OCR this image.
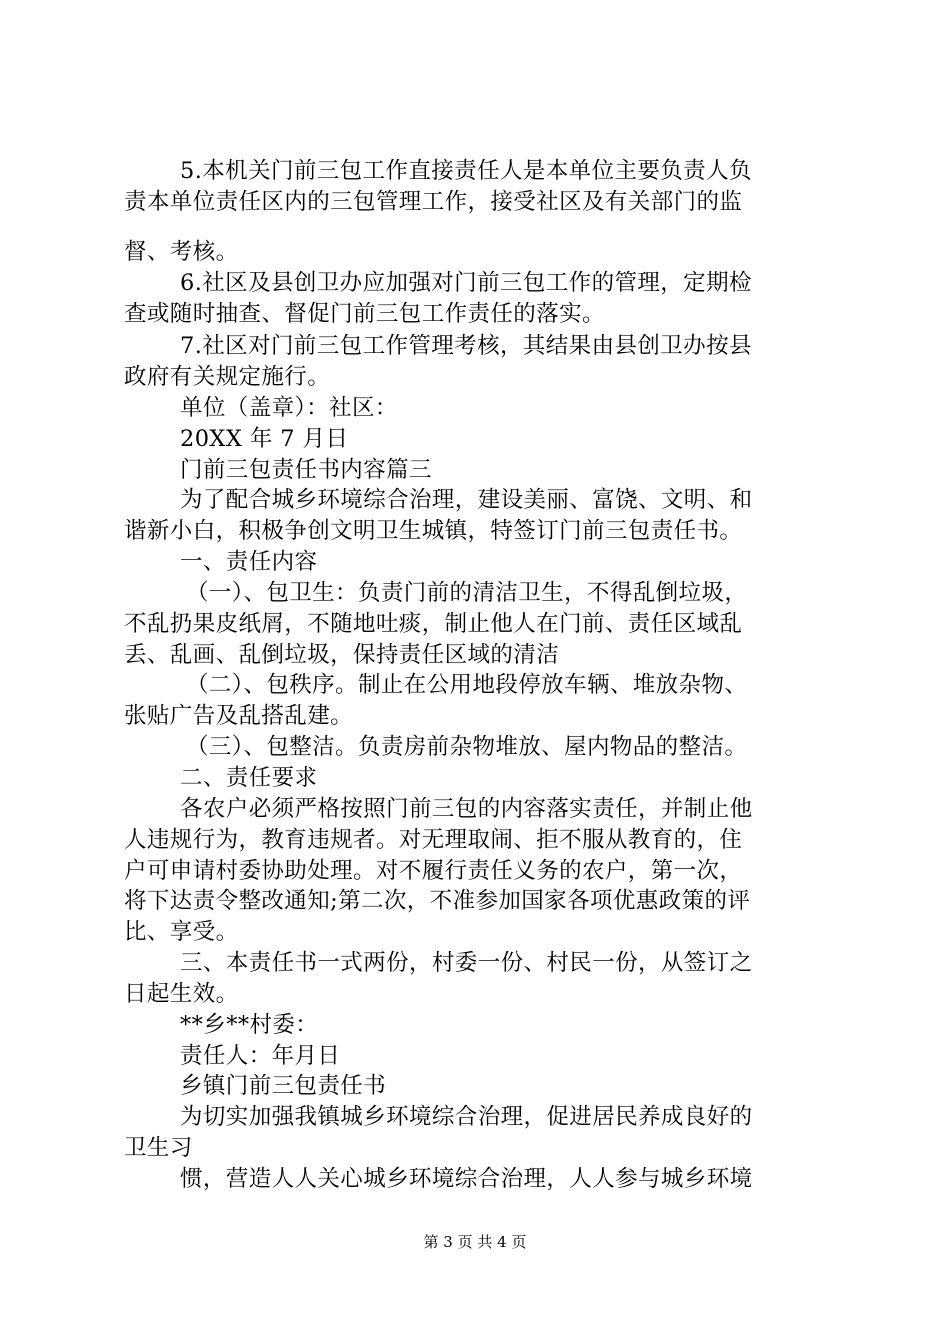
5.本机关门前三包工作直接责任人是本单位主要负责人负
责本单位责任区内的三包管理工作，接受社区及有关部门的监
督、考核。
6.社区及县创卫办应加强对门前三包工作的管理，定期检
查或随时抽查、督促门前三包工作责任的落实。
7.社区对门前三包工作管理考核，其结果由县创卫办按县
政府有关规定施行。
单位（盖章）：社区：
20XX 年 7 月日
门前三包责任书内容篇三
为了配合城乡环境综合治理，建设美丽、富饶、文明、和
谐新小白，积极争创文明卫生城镇，特签订门前三包责任书。
一、责任内容
（一）、包卫生：负责门前的清洁卫生，不得乱倒垃圾，
不乱扔果皮纸屑，不随地吐痰，制止他人在门前、责任区域乱
丢、乱画、乱倒垃圾，保持责任区域的清洁
（二）、包秩序。制止在公用地段停放车辆、堆放杂物、
张贴广告及乱搭乱建。
（三）、包整洁。负责房前杂物堆放、屋内物品的整洁。
二、责任要求
各农户必须严格按照门前三包的内容落实责任，并制止他
人违规行为，教育违规者。对无理取闹、拒不服从教育的，住
户可申请村委协助处理。对不履行责任义务的农户，第一次，
将下达责令整改通知;第二次，不准参加国家各项优惠政策的评
比、享受。
三、本责任书一式两份，村委一份、村民一份，从签订之
日起生效。
**乡**村委：
责任人：年月日
乡镇门前三包责任书
为切实加强我镇城乡环境综合治理，促进居民养成良好的
卫生习
惯，营造人人关心城乡环境综合治理，人人参与城乡环境
第 3 页 共 4 页
